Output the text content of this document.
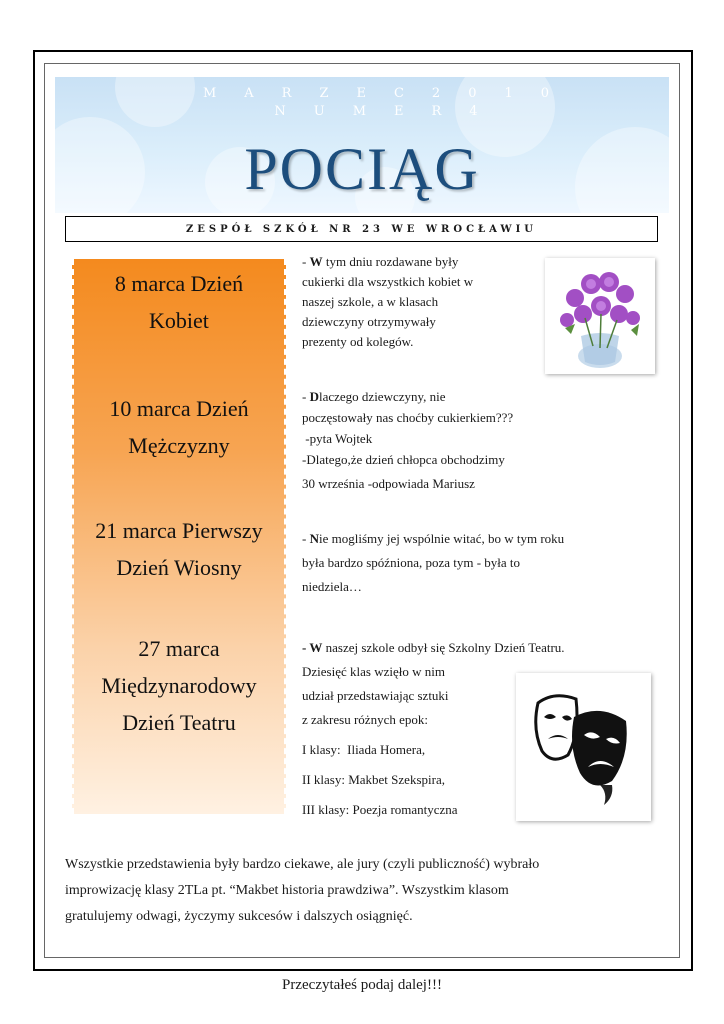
MARZEC2010
NUMER4
POCIĄG
ZESPÓŁ SZKÓŁ NR 23 WE WROCŁAWIU
8 marca Dzień
Kobiet
10 marca Dzień
Mężczyzny
21 marca Pierwszy
Dzień Wiosny
27 marca
Międzynarodowy
Dzień Teatru
- W tym dniu rozdawane były
cukierki dla wszystkich kobiet w
naszej szkole, a w klasach
dziewczyny otrzymywały
prezenty od kolegów.
- Dlaczego dziewczyny, nie
poczęstowały nas choćby cukierkiem???
-pyta Wojtek
-Dlatego,że dzień chłopca obchodzimy
30 września -odpowiada Mariusz
- Nie mogliśmy jej wspólnie witać, bo w tym roku
była bardzo spóźniona, poza tym - była to
niedziela…
- W naszej szkole odbył się Szkolny Dzień Teatru.
Dziesięć klas wzięło w nim
udział przedstawiając sztuki
z zakresu różnych epok:
I klasy:  Iliada Homera,
II klasy: Makbet Szekspira,
III klasy: Poezja romantyczna
Wszystkie przedstawienia były bardzo ciekawe, ale jury (czyli publiczność) wybrało
improwizację klasy 2TLa pt. “Makbet historia prawdziwa”. Wszystkim klasom
gratulujemy odwagi, życzymy sukcesów i dalszych osiągnięć.
Przeczytałeś podaj dalej!!!
